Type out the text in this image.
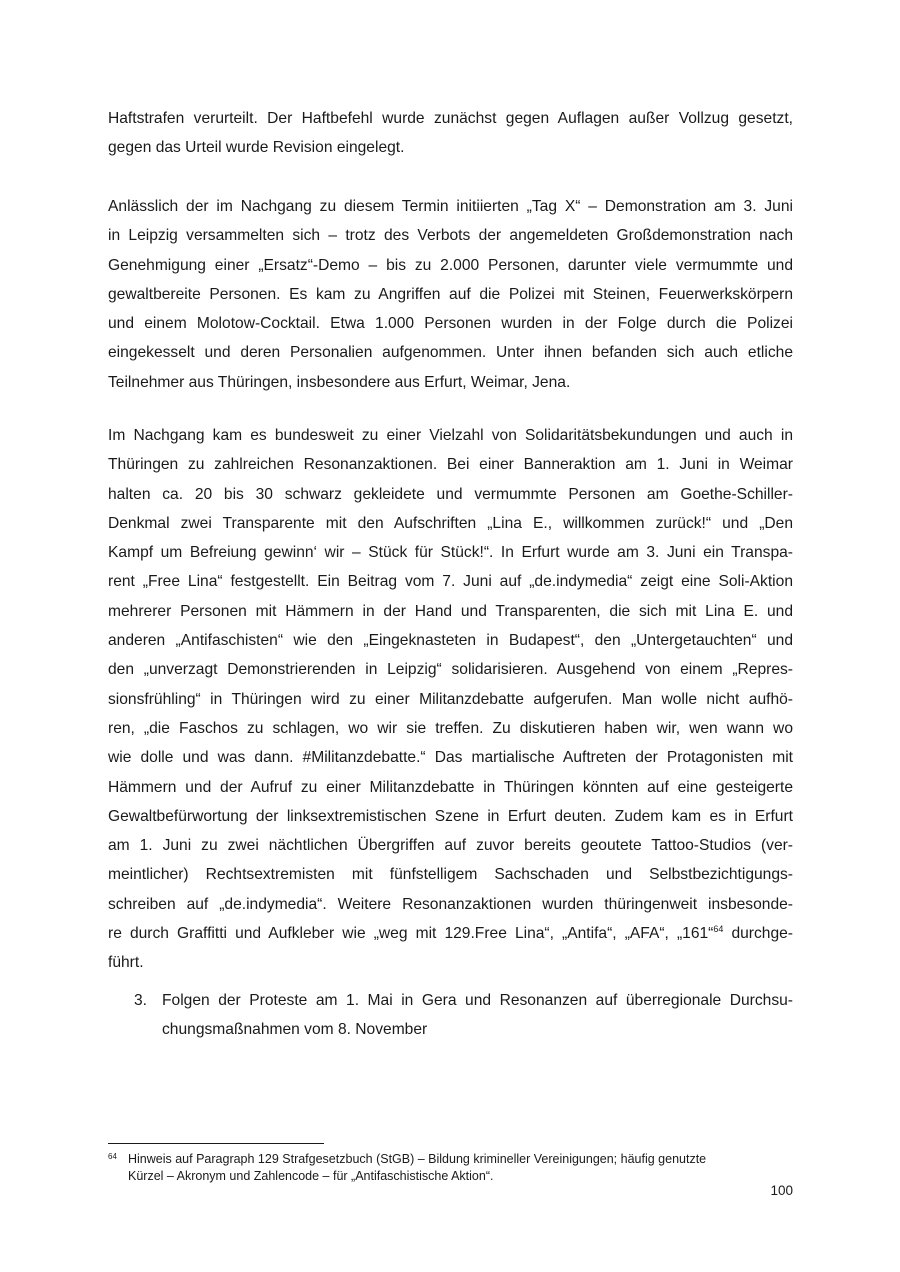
Haftstrafen verurteilt. Der Haftbefehl wurde zunächst gegen Auflagen außer Vollzug gesetzt,
gegen das Urteil wurde Revision eingelegt.
Anlässlich der im Nachgang zu diesem Termin initiierten „Tag X“ – Demonstration am 3. Juni
in Leipzig versammelten sich – trotz des Verbots der angemeldeten Großdemonstration nach
Genehmigung einer „Ersatz“-Demo – bis zu 2.000 Personen, darunter viele vermummte und
gewaltbereite Personen. Es kam zu Angriffen auf die Polizei mit Steinen, Feuerwerkskörpern
und einem Molotow-Cocktail. Etwa 1.000 Personen wurden in der Folge durch die Polizei
eingekesselt und deren Personalien aufgenommen. Unter ihnen befanden sich auch etliche
Teilnehmer aus Thüringen, insbesondere aus Erfurt, Weimar, Jena.
Im Nachgang kam es bundesweit zu einer Vielzahl von Solidaritätsbekundungen und auch in
Thüringen zu zahlreichen Resonanzaktionen. Bei einer Banneraktion am 1. Juni in Weimar
halten ca. 20 bis 30 schwarz gekleidete und vermummte Personen am Goethe-Schiller-
Denkmal zwei Transparente mit den Aufschriften „Lina E., willkommen zurück!“ und „Den
Kampf um Befreiung gewinn‘ wir – Stück für Stück!“. In Erfurt wurde am 3. Juni ein Transpa-
rent „Free Lina“ festgestellt. Ein Beitrag vom 7. Juni auf „de.indymedia“ zeigt eine Soli-Aktion
mehrerer Personen mit Hämmern in der Hand und Transparenten, die sich mit Lina E. und
anderen „Antifaschisten“ wie den „Eingeknasteten in Budapest“, den „Untergetauchten“ und
den „unverzagt Demonstrierenden in Leipzig“ solidarisieren. Ausgehend von einem „Repres-
sionsfrühling“ in Thüringen wird zu einer Militanzdebatte aufgerufen. Man wolle nicht aufhö-
ren, „die Faschos zu schlagen, wo wir sie treffen. Zu diskutieren haben wir, wen wann wo
wie dolle und was dann. #Militanzdebatte.“ Das martialische Auftreten der Protagonisten mit
Hämmern und der Aufruf zu einer Militanzdebatte in Thüringen könnten auf eine gesteigerte
Gewaltbefürwortung der linksextremistischen Szene in Erfurt deuten. Zudem kam es in Erfurt
am 1. Juni zu zwei nächtlichen Übergriffen auf zuvor bereits geoutete Tattoo-Studios (ver-
meintlicher) Rechtsextremisten mit fünfstelligem Sachschaden und Selbstbezichtigungs-
schreiben auf „de.indymedia“. Weitere Resonanzaktionen wurden thüringenweit insbesonde-
re durch Graffitti und Aufkleber wie „weg mit 129.Free Lina“, „Antifa“, „AFA“, „161“$^{64}$ durchge-
führt.

3. Folgen der Proteste am 1. Mai in Gera und Resonanzen auf überregionale Durchsu-
chungsmaßnahmen vom 8. November
64 Hinweis auf Paragraph 129 Strafgesetzbuch (StGB) – Bildung krimineller Vereinigungen; häufig genutzte
Kürzel – Akronym und Zahlencode – für „Antifaschistische Aktion“.

100
